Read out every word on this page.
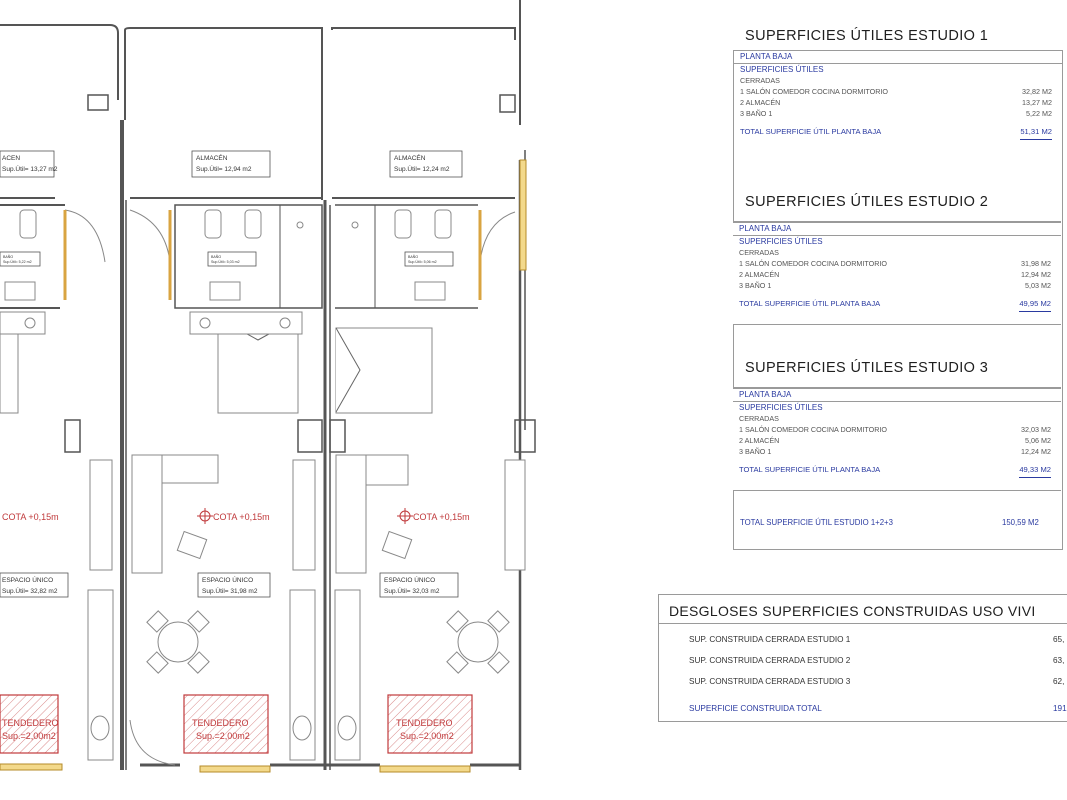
ACEN
Sup.Útil= 13,27 m2
ALMACÉN
Sup.Útil= 12,94 m2
ALMACÉN
Sup.Útil= 12,24 m2
ESPACIO ÚNICO
Sup.Útil= 32,82 m2
ESPACIO ÚNICO
Sup.Útil= 31,98 m2
ESPACIO ÚNICO
Sup.Útil= 32,03 m2
BAÑO
Sup.Útil= 5,22 m2
BAÑO
Sup.Útil= 5,03 m2
BAÑO
Sup.Útil= 5,06 m2
COTA +0,15m	COTA +0,15m	COTA +0,15m
TENDEDERO
Sup.=2,00m2
TENDEDERO
Sup.=2,00m2
TENDEDERO
Sup.=2,00m2
SUPERFICIES ÚTILES ESTUDIO 1
PLANTA BAJA
SUPERFICIES ÚTILES
CERRADAS
1 SALÓN COMEDOR COCINA DORMITORIO	32,82 M2
2 ALMACÉN	13,27 M2
3 BAÑO 1	5,22 M2
TOTAL SUPERFICIE ÚTIL PLANTA BAJA	51,31 M2
SUPERFICIES ÚTILES ESTUDIO 2
PLANTA BAJA
SUPERFICIES ÚTILES
CERRADAS
1 SALÓN COMEDOR COCINA DORMITORIO	31,98 M2
2 ALMACÉN	12,94 M2
3 BAÑO 1	5,03 M2
TOTAL SUPERFICIE ÚTIL PLANTA BAJA	49,95 M2
SUPERFICIES ÚTILES ESTUDIO 3
PLANTA BAJA
SUPERFICIES ÚTILES
CERRADAS
1 SALÓN COMEDOR COCINA DORMITORIO	32,03 M2
2 ALMACÉN	5,06 M2
3 BAÑO 1	12,24 M2
TOTAL SUPERFICIE ÚTIL PLANTA BAJA	49,33 M2
TOTAL SUPERFICIE ÚTIL ESTUDIO 1+2+3	150,59 M2
DESGLOSES SUPERFICIES CONSTRUIDAS USO VIVI
SUP. CONSTRUIDA CERRADA ESTUDIO 1	65,
SUP. CONSTRUIDA CERRADA ESTUDIO 2	63,
SUP. CONSTRUIDA CERRADA ESTUDIO 3	62,
SUPERFICIE CONSTRUIDA TOTAL	191
